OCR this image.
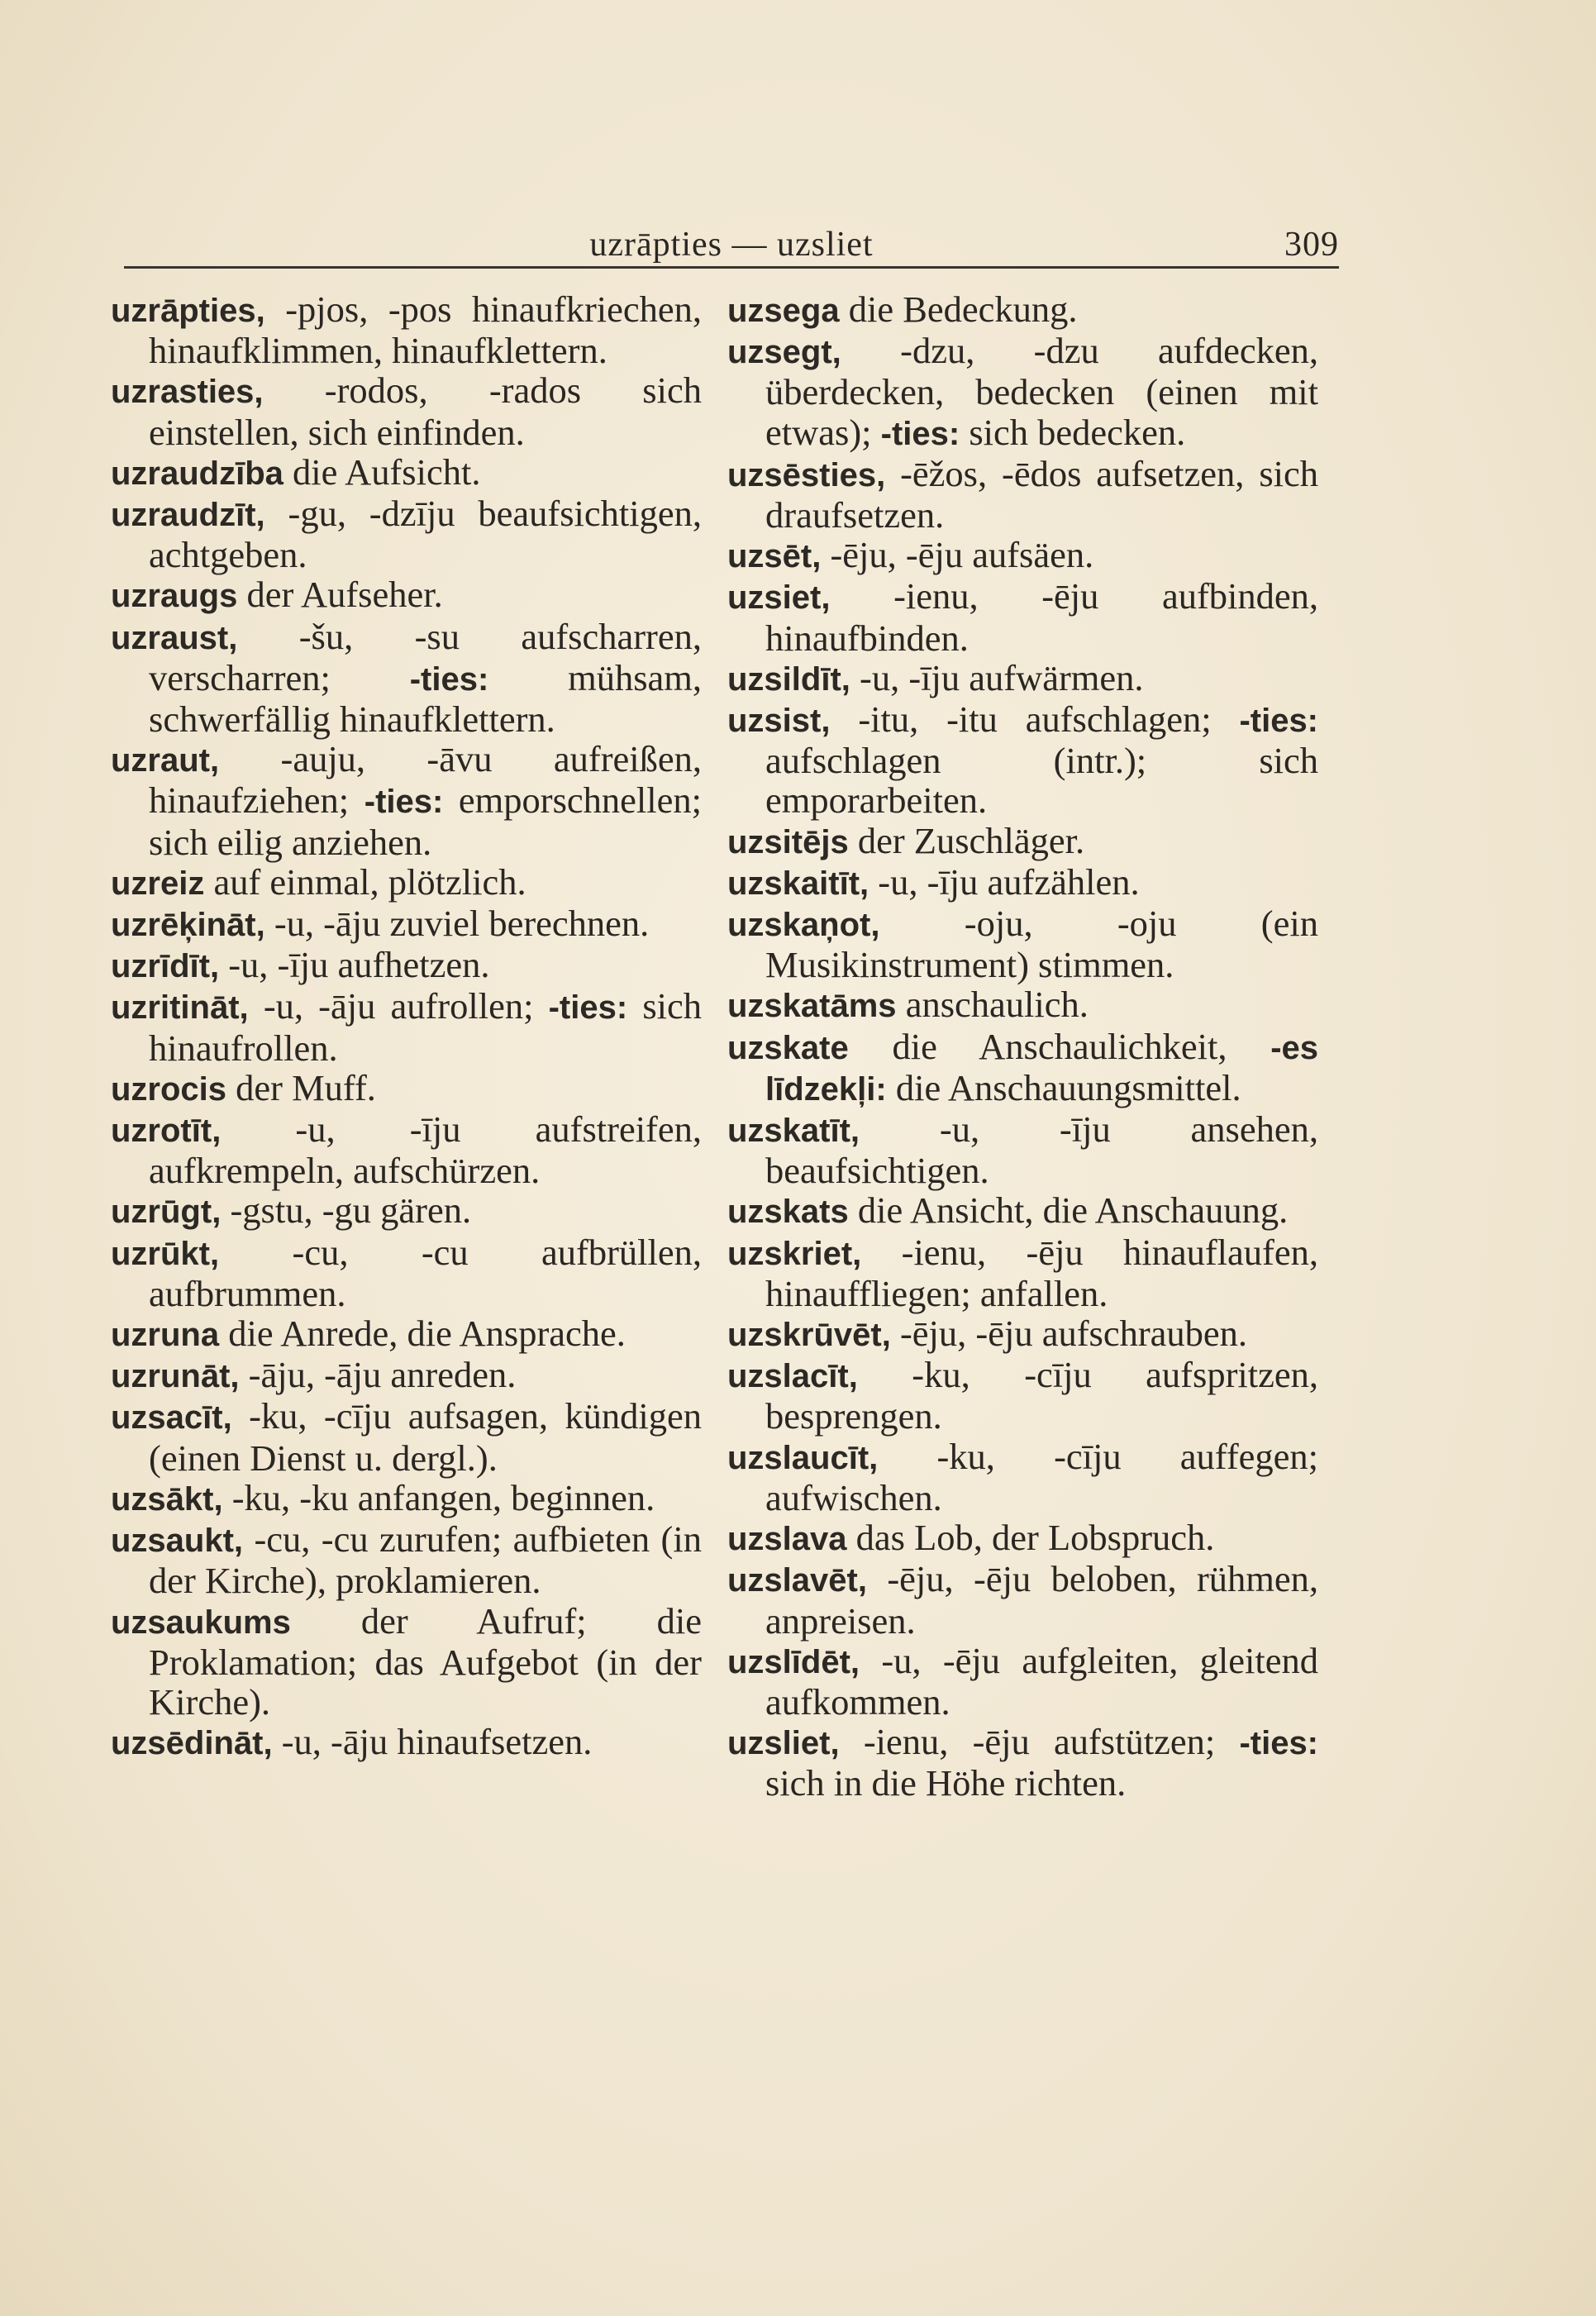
uzrāpties — uzsliet	309

uzrāpties, -pjos, -pos hinaufkriechen, hinaufklimmen, hinaufklettern.

uzrasties, -rodos, -rados sich einstellen, sich einfinden.

uzraudzība die Aufsicht.

uzraudzīt, -gu, -dzīju beaufsichtigen, achtgeben.

uzraugs der Aufseher.

uzraust, -šu, -su aufscharren, verscharren; -ties: mühsam, schwerfällig hinaufklettern.

uzraut, -auju, -āvu aufreißen, hinaufziehen; -ties: emporschnellen; sich eilig anziehen.

uzreiz auf einmal, plötzlich.

uzrēķināt, -u, -āju zuviel berechnen.

uzrīdīt, -u, -īju aufhetzen.

uzritināt, -u, -āju aufrollen; -ties: sich hinaufrollen.

uzrocis der Muff.

uzrotīt, -u, -īju aufstreifen, aufkrempeln, aufschürzen.

uzrūgt, -gstu, -gu gären.

uzrūkt, -cu, -cu aufbrüllen, aufbrummen.

uzruna die Anrede, die Ansprache.

uzrunāt, -āju, -āju anreden.

uzsacīt, -ku, -cīju aufsagen, kündigen (einen Dienst u. dergl.).

uzsākt, -ku, -ku anfangen, beginnen.

uzsaukt, -cu, -cu zurufen; aufbieten (in der Kirche), proklamieren.

uzsaukums der Aufruf; die Proklamation; das Aufgebot (in der Kirche).

uzsēdināt, -u, -āju hinaufsetzen.

uzsega die Bedeckung.

uzsegt, -dzu, -dzu aufdecken, überdecken, bedecken (einen mit etwas); -ties: sich bedecken.

uzsēsties, -ēžos, -ēdos aufsetzen, sich draufsetzen.

uzsēt, -ēju, -ēju aufsäen.

uzsiet, -ienu, -ēju aufbinden, hinaufbinden.

uzsildīt, -u, -īju aufwärmen.

uzsist, -itu, -itu aufschlagen; -ties: aufschlagen (intr.); sich emporarbeiten.

uzsitējs der Zuschläger.

uzskaitīt, -u, -īju aufzählen.

uzskaņot, -oju, -oju (ein Musikinstrument) stimmen.

uzskatāms anschaulich.

uzskate die Anschaulichkeit, -es līdzekļi: die Anschauungsmittel.

uzskatīt, -u, -īju ansehen, beaufsichtigen.

uzskats die Ansicht, die Anschauung.

uzskriet, -ienu, -ēju hinauflaufen, hinauffliegen; anfallen.

uzskrūvēt, -ēju, -ēju aufschrauben.

uzslacīt, -ku, -cīju aufspritzen, besprengen.

uzslaucīt, -ku, -cīju auffegen; aufwischen.

uzslava das Lob, der Lobspruch.

uzslavēt, -ēju, -ēju beloben, rühmen, anpreisen.

uzslīdēt, -u, -ēju aufgleiten, gleitend aufkommen.

uzsliet, -ienu, -ēju aufstützen; -ties: sich in die Höhe richten.
